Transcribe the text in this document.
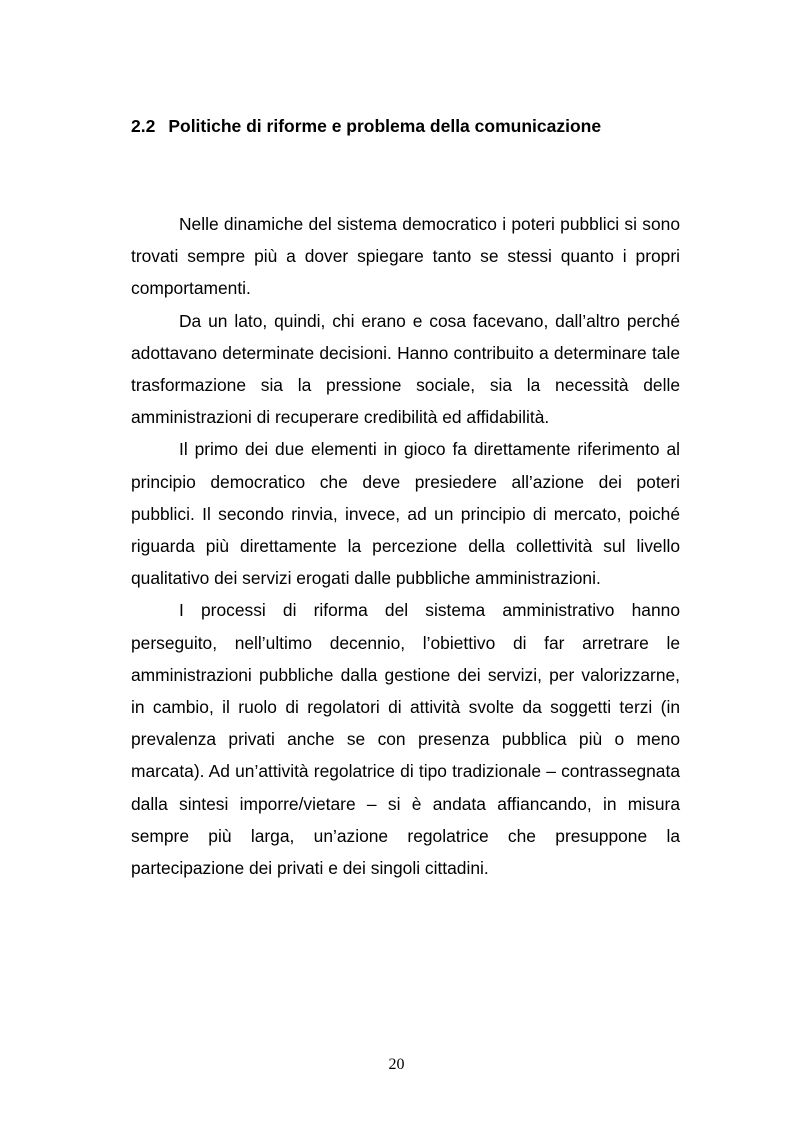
2.2 Politiche di riforme e problema della comunicazione

Nelle dinamiche del sistema democratico i poteri pubblici si sono trovati sempre più a dover spiegare tanto se stessi quanto i propri comportamenti.

Da un lato, quindi, chi erano e cosa facevano, dall’altro perché adottavano determinate decisioni. Hanno contribuito a determinare tale trasformazione sia la pressione sociale, sia la necessità delle amministrazioni di recuperare credibilità ed affidabilità.

Il primo dei due elementi in gioco fa direttamente riferimento al principio democratico che deve presiedere all’azione dei poteri pubblici. Il secondo rinvia, invece, ad un principio di mercato, poiché riguarda più direttamente la percezione della collettività sul livello qualitativo dei servizi erogati dalle pubbliche amministrazioni.

I processi di riforma del sistema amministrativo hanno perseguito, nell’ultimo decennio, l’obiettivo di far arretrare le amministrazioni pubbliche dalla gestione dei servizi, per valorizzarne, in cambio, il ruolo di regolatori di attività svolte da soggetti terzi (in prevalenza privati anche se con presenza pubblica più o meno marcata). Ad un’attività regolatrice di tipo tradizionale – contrassegnata dalla sintesi imporre/vietare – si è andata affiancando, in misura sempre più larga, un’azione regolatrice che presuppone la partecipazione dei privati e dei singoli cittadini.

20
